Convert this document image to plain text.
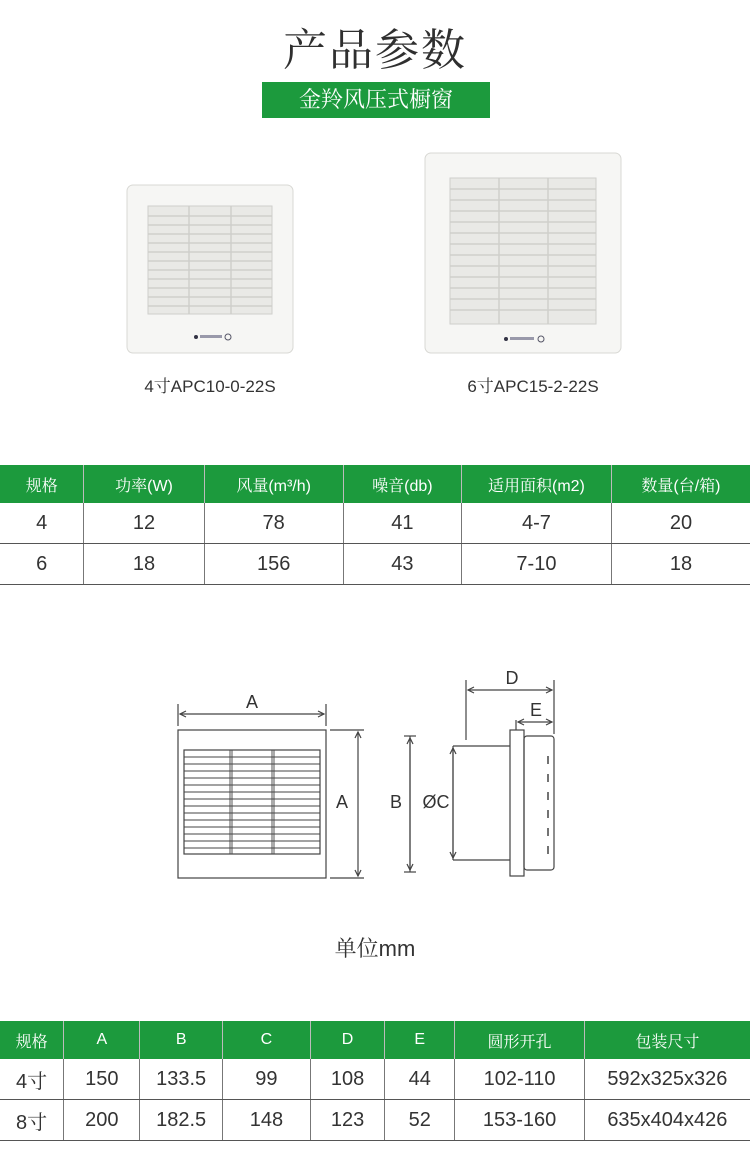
产品参数
金羚风压式橱窗
4寸APC10-0-22S	6寸APC15-2-22S
规格	功率(W)	风量(m³/h)	噪音(db)	适用面积(m2)	数量(台/箱)
4	12	78	41	4-7	20
6	18	156	43	7-10	18
A
A B ØC
D
E
单位mm
规格	A	B	C	D	E	圆形开孔	包装尺寸
4寸	150	133.5	99	108	44	102-110	592x325x326
8寸	200	182.5	148	123	52	153-160	635x404x426
